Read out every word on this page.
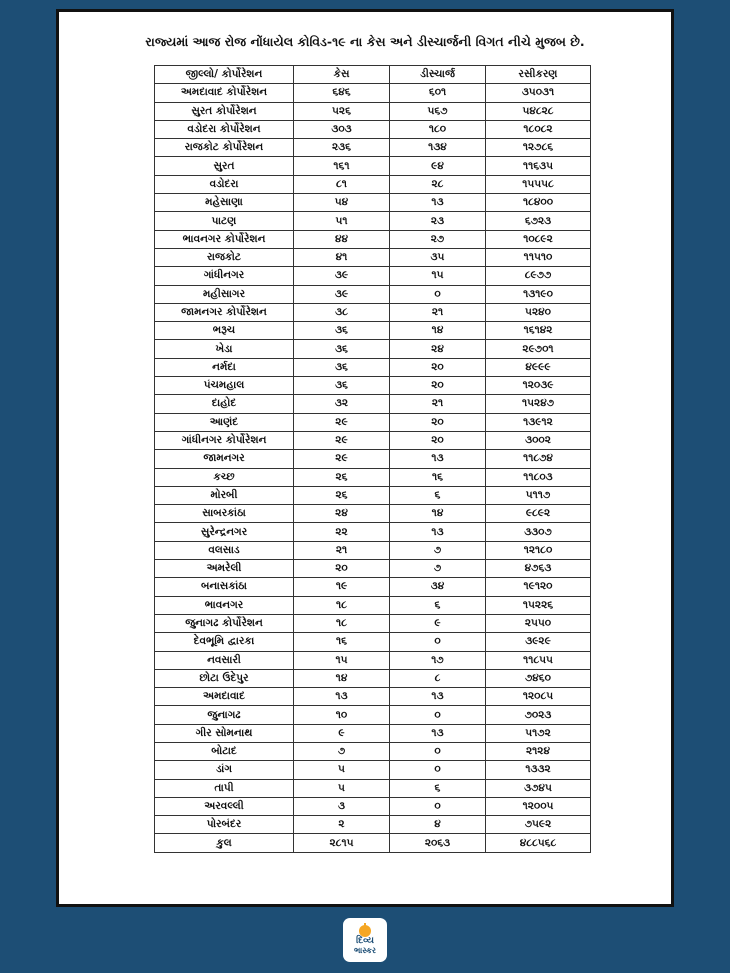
રાજ્યમાં આજ રોજ નોંધાયેલ કોવિડ-૧૯ ના કેસ અને ડીસ્ચાર્જની વિગત નીચે મુજબ છે.
જીલ્લો/ કોર્પોરેશન	કેસ	ડીસ્ચાર્જ	રસીકરણ
અમદાવાદ કોર્પોરેશન	૬૪૬	૬૦૧	૩૫૦૩૧
સુરત કોર્પોરેશન	૫૨૬	૫૬૭	૫૪૮૨૮
વડોદરા કોર્પોરેશન	૩૦૩	૧૮૦	૧૮૦૮૨
રાજકોટ કોર્પોરેશન	૨૩૬	૧૩૪	૧૨૭૮૬
સુરત	૧૬૧	૯૪	૧૧૬૩૫
વડોદરા	૮૧	૨૮	૧૫૫૫૮
મહેસાણા	૫૪	૧૩	૧૮૪૦૦
પાટણ	૫૧	૨૩	૬૭૨૩
ભાવનગર કોર્પોરેશન	૪૪	૨૭	૧૦૮૯૨
રાજકોટ	૪૧	૩૫	૧૧૫૧૦
ગાંધીનગર	૩૯	૧૫	૮૯૭૭
મહીસાગર	૩૯	૦	૧૩૧૯૦
જામનગર કોર્પોરેશન	૩૮	૨૧	૫૨૪૦
ભરૂચ	૩૬	૧૪	૧૬૧૪૨
ખેડા	૩૬	૨૪	૨૯૭૦૧
નર્મદા	૩૬	૨૦	૪૯૯૯
પંચમહાલ	૩૬	૨૦	૧૨૦૩૯
દાહોદ	૩૨	૨૧	૧૫૨૪૭
આણંદ	૨૯	૨૦	૧૩૯૧૨
ગાંધીનગર કોર્પોરેશન	૨૯	૨૦	૩૦૦૨
જામનગર	૨૯	૧૩	૧૧૮૭૪
કચ્છ	૨૬	૧૬	૧૧૮૦૩
મોરબી	૨૬	૬	૫૧૧૭
સાબરકાંઠા	૨૪	૧૪	૯૮૯૨
સુરેન્દ્રનગર	૨૨	૧૩	૩૩૦૭
વલસાડ	૨૧	૭	૧૨૧૮૦
અમરેલી	૨૦	૭	૪૭૬૩
બનાસકાંઠા	૧૯	૩૪	૧૯૧૨૦
ભાવનગર	૧૮	૬	૧૫૨૨૬
જુનાગઢ કોર્પોરેશન	૧૮	૯	૨૫૫૦
દેવભૂમિ દ્વારકા	૧૬	૦	૩૯૨૯
નવસારી	૧૫	૧૭	૧૧૮૫૫
છોટા ઉદેપુર	૧૪	૮	૭૪૬૦
અમદાવાદ	૧૩	૧૩	૧૨૦૮૫
જુનાગઢ	૧૦	૦	૭૦૨૩
ગીર સોમનાથ	૯	૧૩	૫૧૭૨
બોટાદ	૭	૦	૨૧૨૪
ડાંગ	૫	૦	૧૩૩૨
તાપી	૫	૬	૩૭૪૫
અરવલ્લી	૩	૦	૧૨૦૦૫
પોરબંદર	૨	૪	૭૫૯૨
કુલ	૨૮૧૫	૨૦૬૩	૪૮૮૫૬૮
દિવ્ય
ભાસ્કર
